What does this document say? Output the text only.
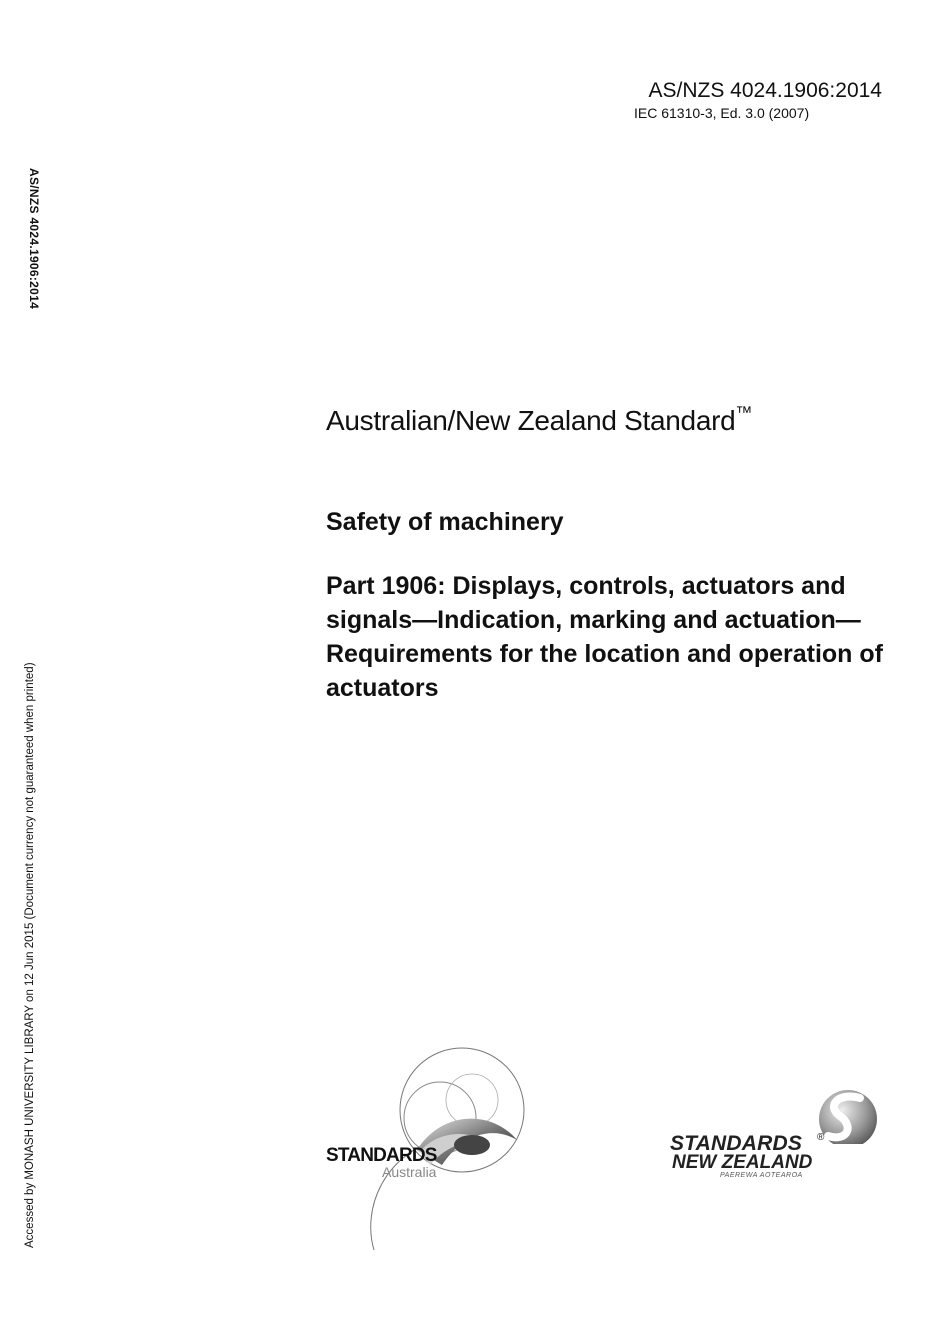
AS/NZS 4024.1906:2014
IEC 61310-3, Ed. 3.0 (2007)
AS/NZS 4024.1906:2014
Accessed by MONASH UNIVERSITY LIBRARY on 12 Jun 2015 (Document currency not guaranteed when printed)
Australian/New Zealand Standard™
Safety of machinery
Part 1906: Displays, controls, actuators and signals—Indication, marking and actuation—Requirements for the location and operation of actuators
STANDARDS
Australia
STANDARDS ®
NEW ZEALAND
PAEREWA AOTEAROA
